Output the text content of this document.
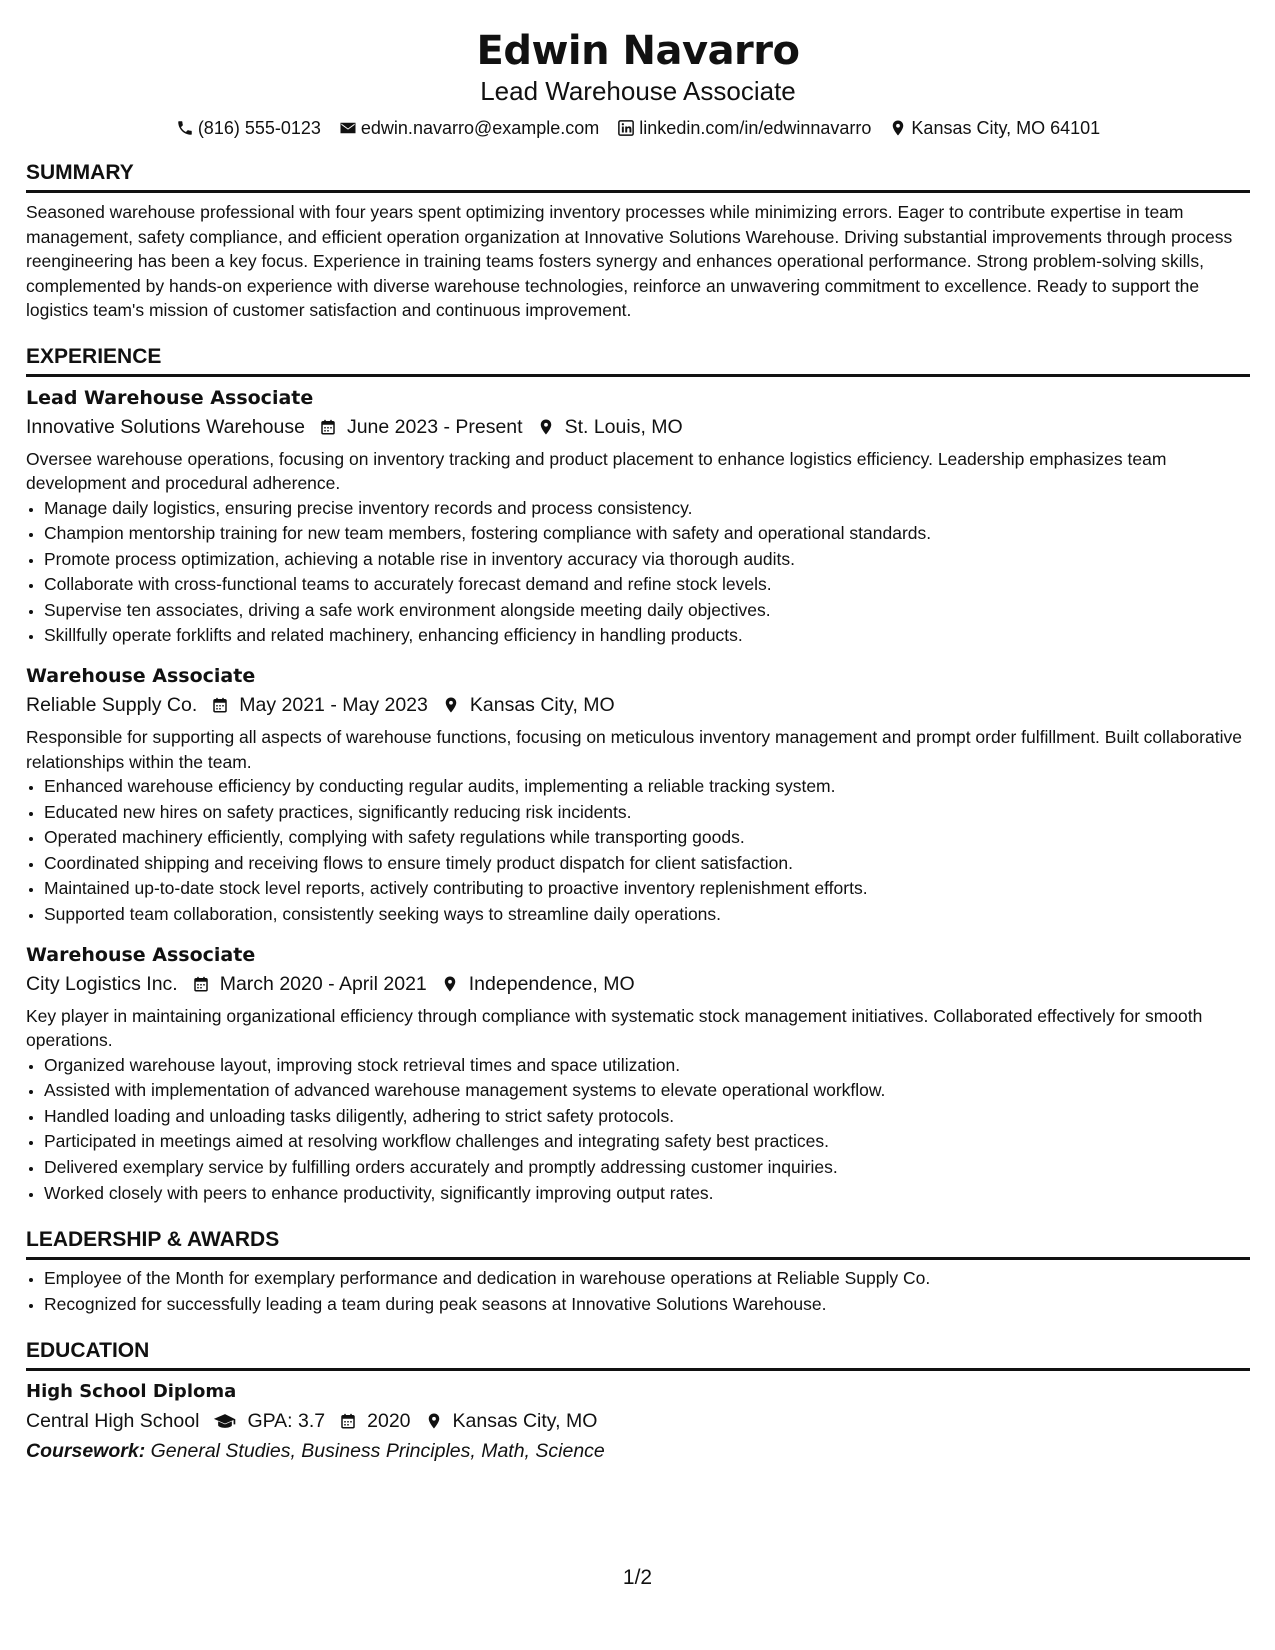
Edwin Navarro
Lead Warehouse Associate
(816) 555-0123 edwin.navarro@example.com linkedin.com/in/edwinnavarro Kansas City, MO 64101
SUMMARY
Seasoned warehouse professional with four years spent optimizing inventory processes while minimizing errors. Eager to contribute expertise in team management, safety compliance, and efficient operation organization at Innovative Solutions Warehouse. Driving substantial improvements through process reengineering has been a key focus. Experience in training teams fosters synergy and enhances operational performance. Strong problem-solving skills, complemented by hands-on experience with diverse warehouse technologies, reinforce an unwavering commitment to excellence. Ready to support the logistics team's mission of customer satisfaction and continuous improvement.
EXPERIENCE
Lead Warehouse Associate
Innovative Solutions Warehouse June 2023 - Present St. Louis, MO
Oversee warehouse operations, focusing on inventory tracking and product placement to enhance logistics efficiency. Leadership emphasizes team development and procedural adherence.
• Manage daily logistics, ensuring precise inventory records and process consistency.
• Champion mentorship training for new team members, fostering compliance with safety and operational standards.
• Promote process optimization, achieving a notable rise in inventory accuracy via thorough audits.
• Collaborate with cross-functional teams to accurately forecast demand and refine stock levels.
• Supervise ten associates, driving a safe work environment alongside meeting daily objectives.
• Skillfully operate forklifts and related machinery, enhancing efficiency in handling products.
Warehouse Associate
Reliable Supply Co. May 2021 - May 2023 Kansas City, MO
Responsible for supporting all aspects of warehouse functions, focusing on meticulous inventory management and prompt order fulfillment. Built collaborative relationships within the team.
• Enhanced warehouse efficiency by conducting regular audits, implementing a reliable tracking system.
• Educated new hires on safety practices, significantly reducing risk incidents.
• Operated machinery efficiently, complying with safety regulations while transporting goods.
• Coordinated shipping and receiving flows to ensure timely product dispatch for client satisfaction.
• Maintained up-to-date stock level reports, actively contributing to proactive inventory replenishment efforts.
• Supported team collaboration, consistently seeking ways to streamline daily operations.
Warehouse Associate
City Logistics Inc. March 2020 - April 2021 Independence, MO
Key player in maintaining organizational efficiency through compliance with systematic stock management initiatives. Collaborated effectively for smooth operations.
• Organized warehouse layout, improving stock retrieval times and space utilization.
• Assisted with implementation of advanced warehouse management systems to elevate operational workflow.
• Handled loading and unloading tasks diligently, adhering to strict safety protocols.
• Participated in meetings aimed at resolving workflow challenges and integrating safety best practices.
• Delivered exemplary service by fulfilling orders accurately and promptly addressing customer inquiries.
• Worked closely with peers to enhance productivity, significantly improving output rates.
LEADERSHIP & AWARDS
• Employee of the Month for exemplary performance and dedication in warehouse operations at Reliable Supply Co.
• Recognized for successfully leading a team during peak seasons at Innovative Solutions Warehouse.
EDUCATION
High School Diploma
Central High School GPA: 3.7 2020 Kansas City, MO
Coursework: General Studies, Business Principles, Math, Science
1/2
